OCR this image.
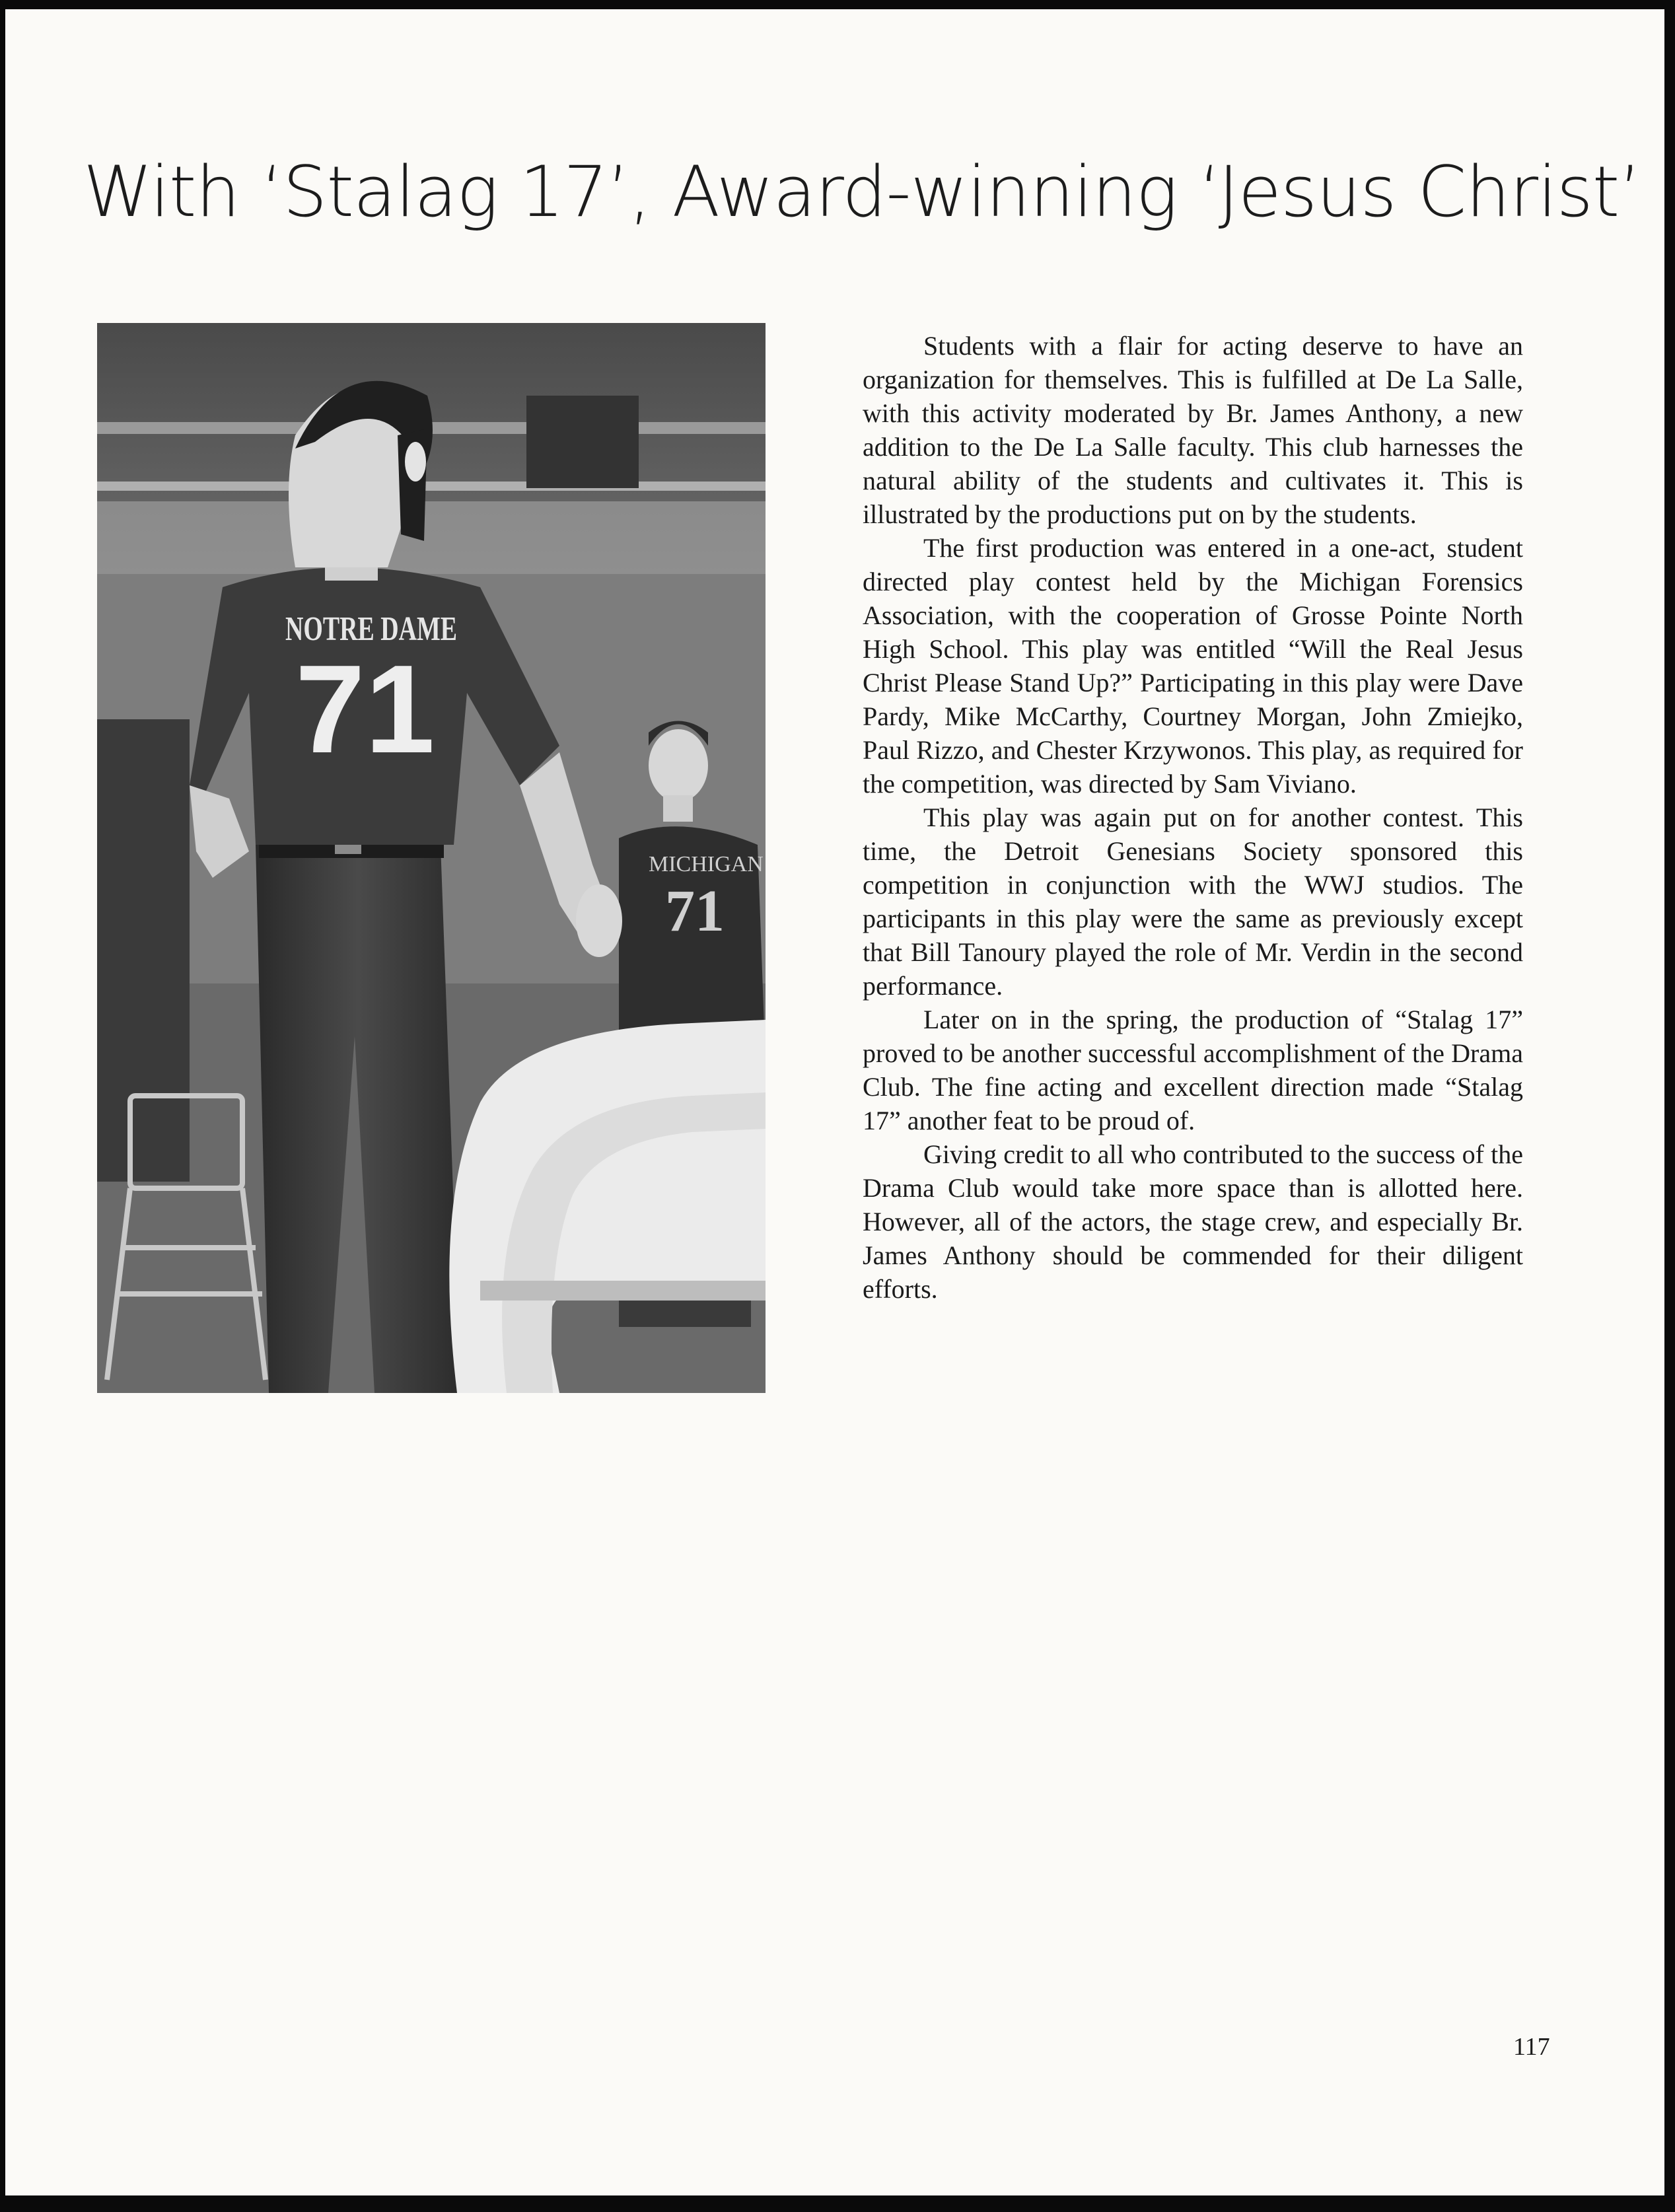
With ‘Stalag 17’, Award-winning ‘Jesus Christ’
MICHIGAN
71
NOTRE DAME
71

Students with a flair for acting deserve to have an organization for themselves. This is fulfilled at De La Salle, with this activity moderated by Br. James Anthony, a new addition to the De La Salle faculty. This club harnesses the natural ability of the students and cultivates it. This is illustrated by the productions put on by the students.

The first production was entered in a one-act, student directed play contest held by the Michigan Forensics Association, with the cooperation of Grosse Pointe North High School. This play was entitled “Will the Real Jesus Christ Please Stand Up?” Participating in this play were Dave Pardy, Mike McCarthy, Courtney Morgan, John Zmiejko, Paul Rizzo, and Chester Krzywonos. This play, as required for the competition, was directed by Sam Viviano.

This play was again put on for another contest. This time, the Detroit Genesians Society sponsored this competition in conjunction with the WWJ studios. The participants in this play were the same as previously except that Bill Tanoury played the role of Mr. Verdin in the second performance.

Later on in the spring, the production of “Stalag 17” proved to be another successful accomplishment of the Drama Club. The fine acting and excellent direction made “Stalag 17” another feat to be proud of.

Giving credit to all who contributed to the success of the Drama Club would take more space than is allotted here. However, all of the actors, the stage crew, and especially Br. James Anthony should be commended for their diligent efforts.

117
